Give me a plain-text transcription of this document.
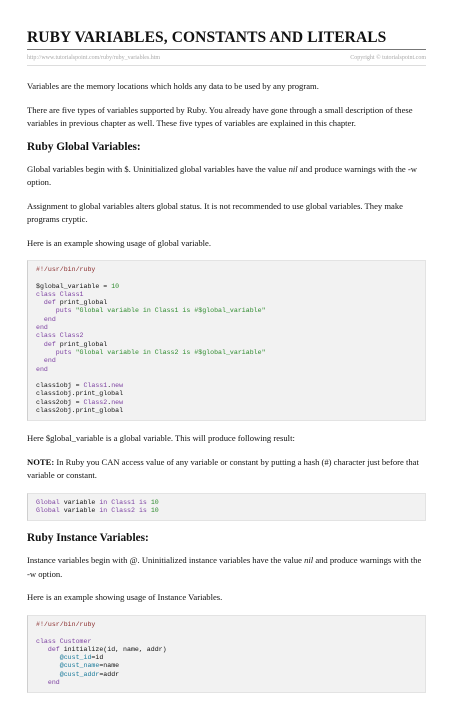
RUBY VARIABLES, CONSTANTS AND LITERALS
http://www.tutorialspoint.com/ruby/ruby_variables.htm	Copyright © tutorialspoint.com

Variables are the memory locations which holds any data to be used by any program.

There are five types of variables supported by Ruby. You already have gone through a small description of these variables in previous chapter as well. These five types of variables are explained in this chapter.

Ruby Global Variables:

Global variables begin with $. Uninitialized global variables have the value nil and produce warnings with the -w option.

Assignment to global variables alters global status. It is not recommended to use global variables. They make programs cryptic.

Here is an example showing usage of global variable.

#!/usr/bin/ruby
$global_variable = 10
class Class1
def print_global
puts "Global variable in Class1 is #$global_variable"
end
end
class Class2
def print_global
puts "Global variable in Class2 is #$global_variable"
end
end
class1obj = Class1.new
class1obj.print_global
class2obj = Class2.new
class2obj.print_global

Here $global_variable is a global variable. This will produce following result:

NOTE: In Ruby you CAN access value of any variable or constant by putting a hash (#) character just before that variable or constant.

Global variable in Class1 is 10
Global variable in Class2 is 10
Ruby Instance Variables:

Instance variables begin with @. Uninitialized instance variables have the value nil and produce warnings with the -w option.

Here is an example showing usage of Instance Variables.

#!/usr/bin/ruby
class Customer
def initialize(id, name, addr)
@cust_id=id
@cust_name=name
@cust_addr=addr
end
